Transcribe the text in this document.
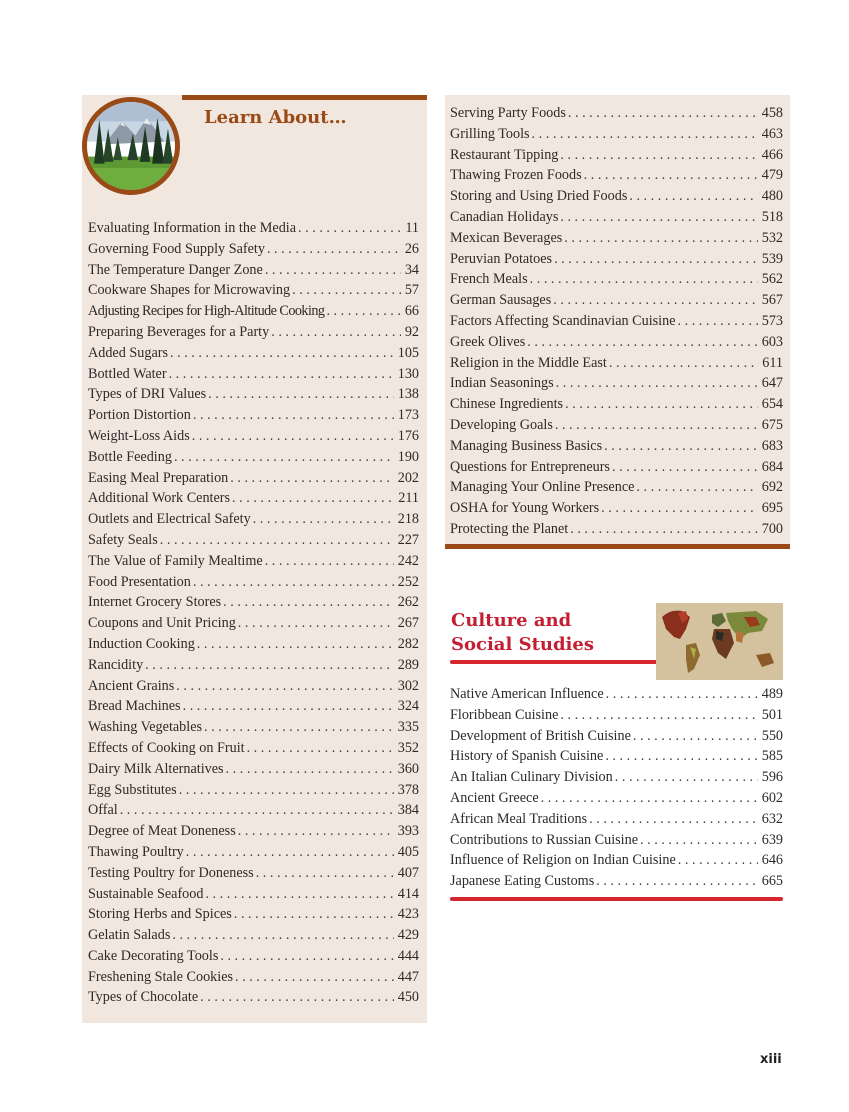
Learn About…
Evaluating Information in the Media . . .	11
Governing Food Supply Safety . . .	26
The Temperature Danger Zone . . .	34
Cookware Shapes for Microwaving . . .	57
Adjusting Recipes for High-Altitude Cooking . . .	66
Preparing Beverages for a Party . . .	92
Added Sugars . . .	105
Bottled Water . . .	130
Types of DRI Values . . .	138
Portion Distortion . . .	173
Weight-Loss Aids . . .	176
Bottle Feeding . . .	190
Easing Meal Preparation . . .	202
Additional Work Centers . . .	211
Outlets and Electrical Safety . . .	218
Safety Seals . . .	227
The Value of Family Mealtime . . .	242
Food Presentation . . .	252
Internet Grocery Stores . . .	262
Coupons and Unit Pricing . . .	267
Induction Cooking . . .	282
Rancidity . . .	289
Ancient Grains . . .	302
Bread Machines . . .	324
Washing Vegetables . . .	335
Effects of Cooking on Fruit . . .	352
Dairy Milk Alternatives . . .	360
Egg Substitutes . . .	378
Offal . . .	384
Degree of Meat Doneness . . .	393
Thawing Poultry . . .	405
Testing Poultry for Doneness . . .	407
Sustainable Seafood . . .	414
Storing Herbs and Spices . . .	423
Gelatin Salads . . .	429
Cake Decorating Tools . . .	444
Freshening Stale Cookies . . .	447
Types of Chocolate . . .	450
Serving Party Foods . . .	458
Grilling Tools . . .	463
Restaurant Tipping . . .	466
Thawing Frozen Foods . . .	479
Storing and Using Dried Foods . . .	480
Canadian Holidays . . .	518
Mexican Beverages . . .	532
Peruvian Potatoes . . .	539
French Meals . . .	562
German Sausages . . .	567
Factors Affecting Scandinavian Cuisine . . .	573
Greek Olives . . .	603
Religion in the Middle East . . .	611
Indian Seasonings . . .	647
Chinese Ingredients . . .	654
Developing Goals . . .	675
Managing Business Basics . . .	683
Questions for Entrepreneurs . . .	684
Managing Your Online Presence . . .	692
OSHA for Young Workers . . .	695
Protecting the Planet . . .	700
Culture and
Social Studies
Native American Influence . . .	489
Floribbean Cuisine . . .	501
Development of British Cuisine . . .	550
History of Spanish Cuisine . . .	585
An Italian Culinary Division . . .	596
Ancient Greece . . .	602
African Meal Traditions . . .	632
Contributions to Russian Cuisine . . .	639
Influence of Religion on Indian Cuisine . . .	646
Japanese Eating Customs . . .	665
xiii
